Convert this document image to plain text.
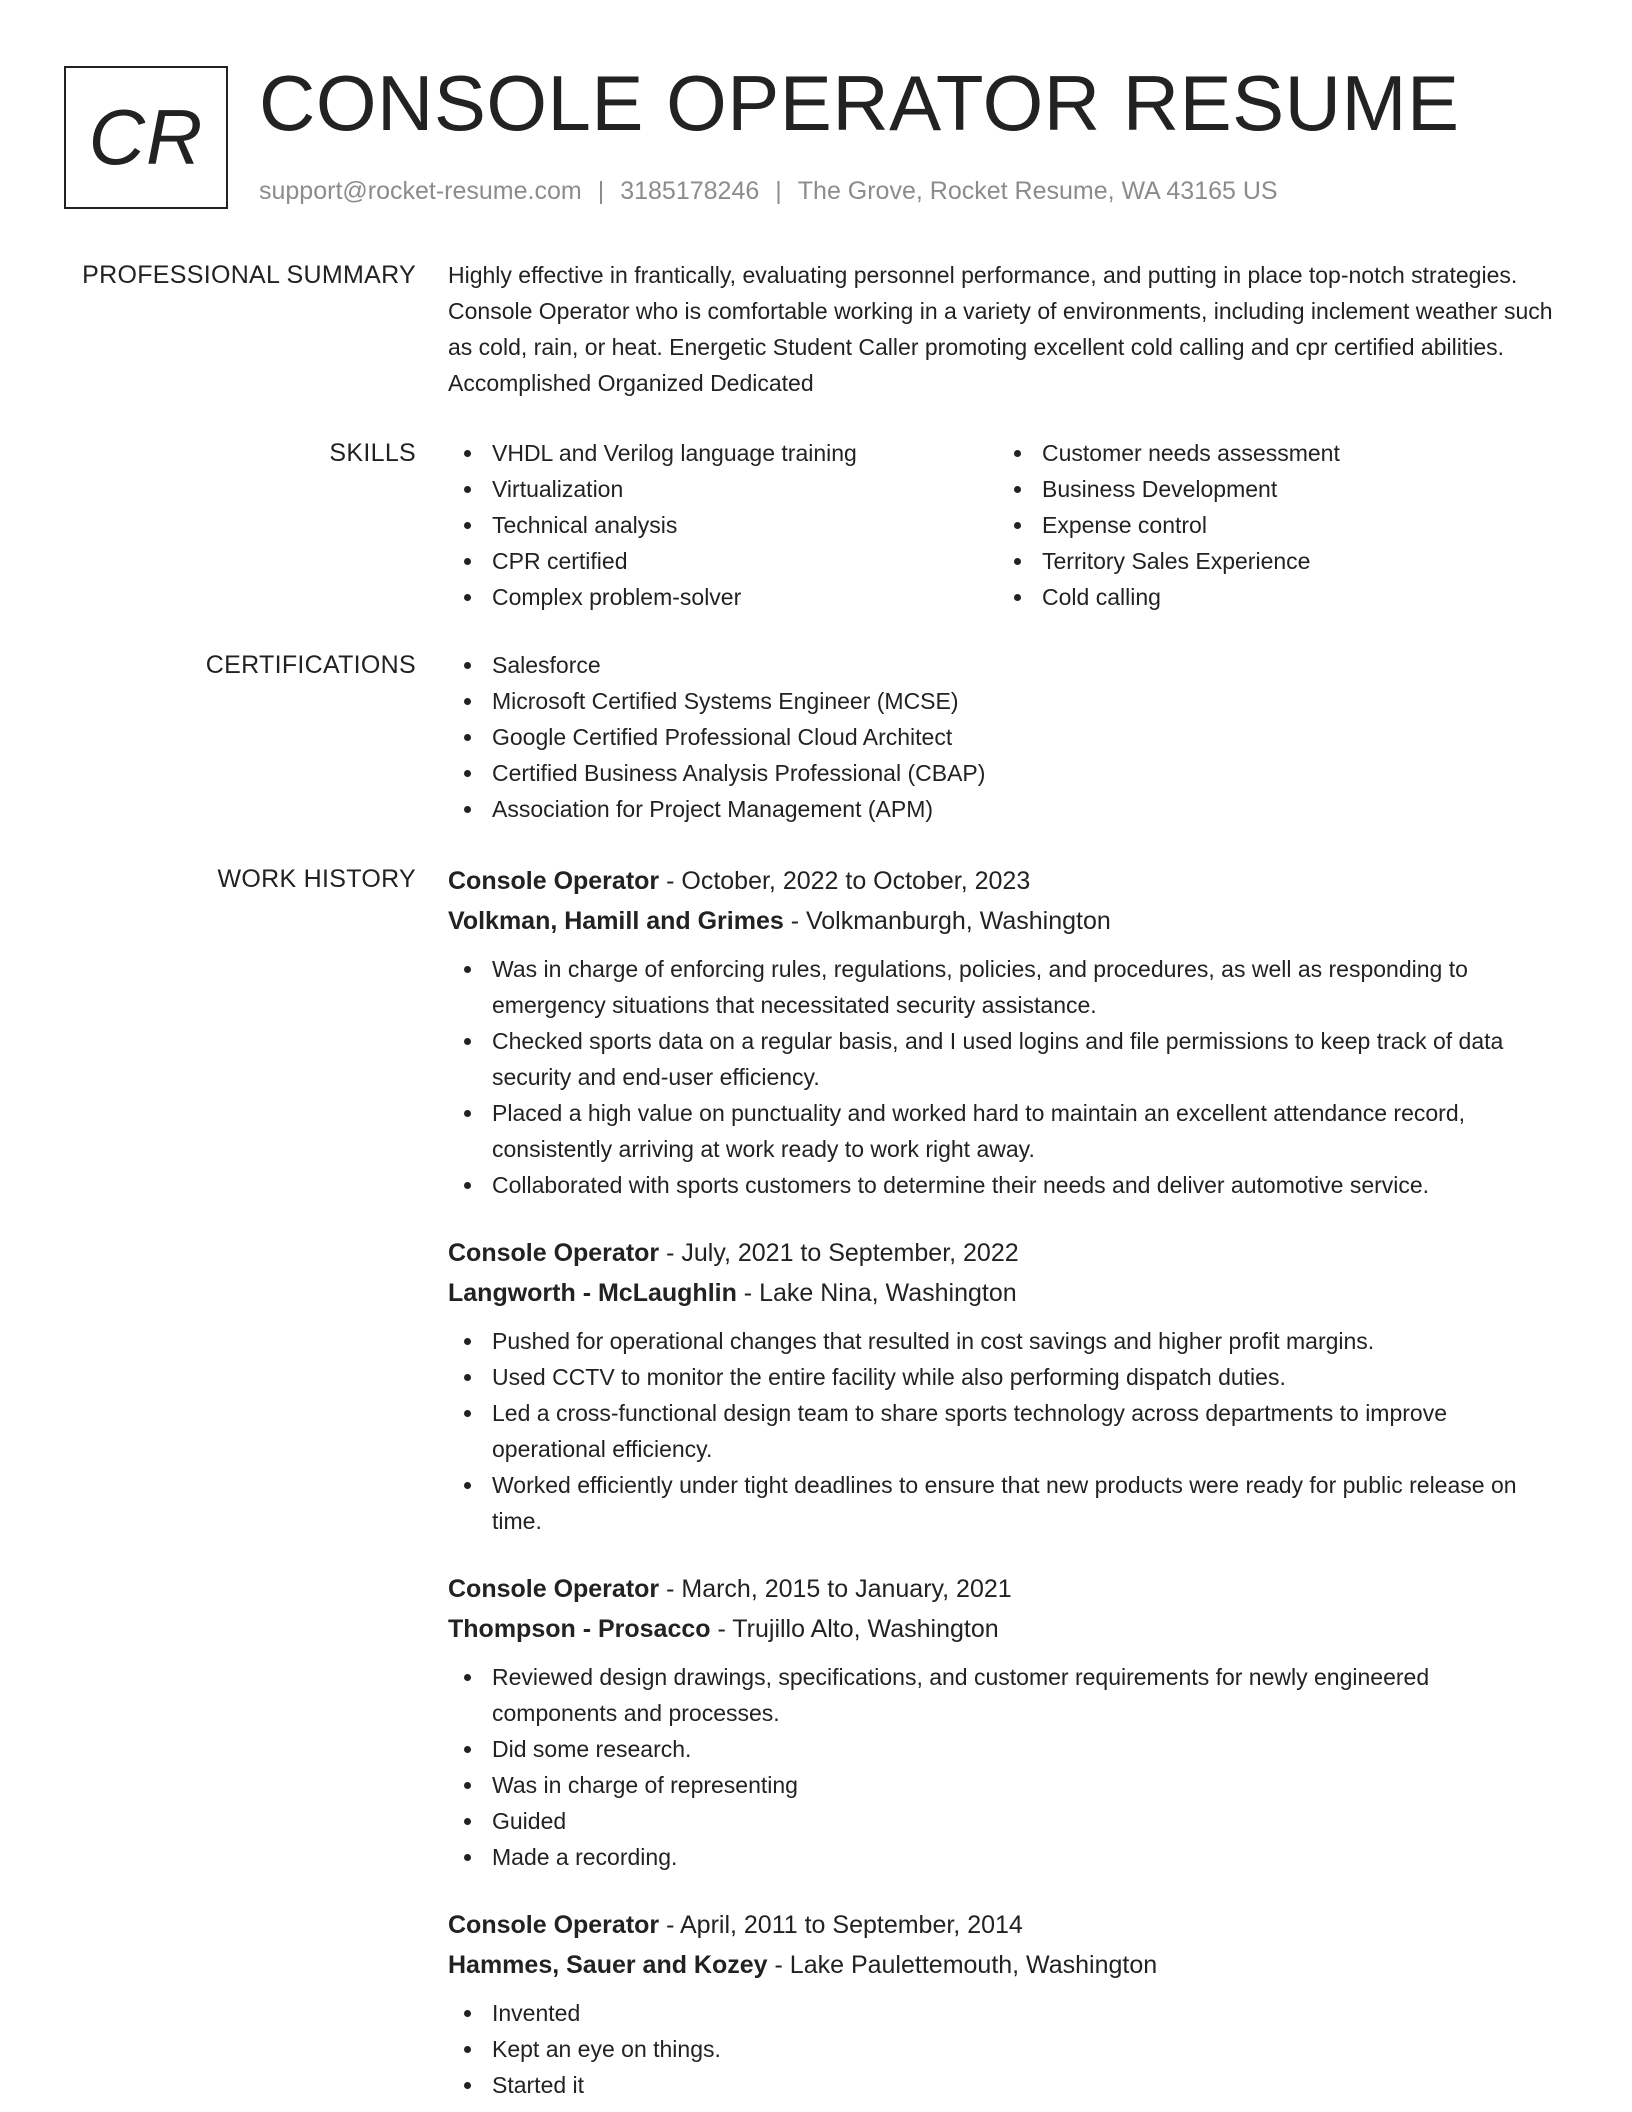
CR CONSOLE OPERATOR RESUME
support@rocket-resume.com | 3185178246 | The Grove, Rocket Resume, WA 43165 US
PROFESSIONAL SUMMARY Highly effective in frantically, evaluating personnel performance, and putting in place top-notch strategies. Console Operator who is comfortable working in a variety of environments, including inclement weather such as cold, rain, or heat. Energetic Student Caller promoting excellent cold calling and cpr certified abilities. Accomplished Organized Dedicated

SKILLS	VHDL and Verilog language training
Virtualization
Technical analysis
CPR certified
Complex problem-solver
Customer needs assessment
Business Development
Expense control
Territory Sales Experience
Cold calling
CERTIFICATIONS	Salesforce
Microsoft Certified Systems Engineer (MCSE)
Google Certified Professional Cloud Architect
Certified Business Analysis Professional (CBAP)
Association for Project Management (APM)
WORK HISTORY Console Operator - October, 2022 to October, 2023
Volkman, Hamill and Grimes - Volkmanburgh, Washington
Was in charge of enforcing rules, regulations, policies, and procedures, as well as responding to emergency situations that necessitated security assistance.
Checked sports data on a regular basis, and I used logins and file permissions to keep track of data security and end-user efficiency.
Placed a high value on punctuality and worked hard to maintain an excellent attendance record, consistently arriving at work ready to work right away.
Collaborated with sports customers to determine their needs and deliver automotive service.
Console Operator - July, 2021 to September, 2022
Langworth - McLaughlin - Lake Nina, Washington
Pushed for operational changes that resulted in cost savings and higher profit margins.
Used CCTV to monitor the entire facility while also performing dispatch duties.
Led a cross-functional design team to share sports technology across departments to improve operational efficiency.
Worked efficiently under tight deadlines to ensure that new products were ready for public release on time.
Console Operator - March, 2015 to January, 2021
Thompson - Prosacco - Trujillo Alto, Washington
Reviewed design drawings, specifications, and customer requirements for newly engineered components and processes.
Did some research.
Was in charge of representing
Guided
Made a recording.
Console Operator - April, 2011 to September, 2014
Hammes, Sauer and Kozey - Lake Paulettemouth, Washington
Invented
Kept an eye on things.
Started it
